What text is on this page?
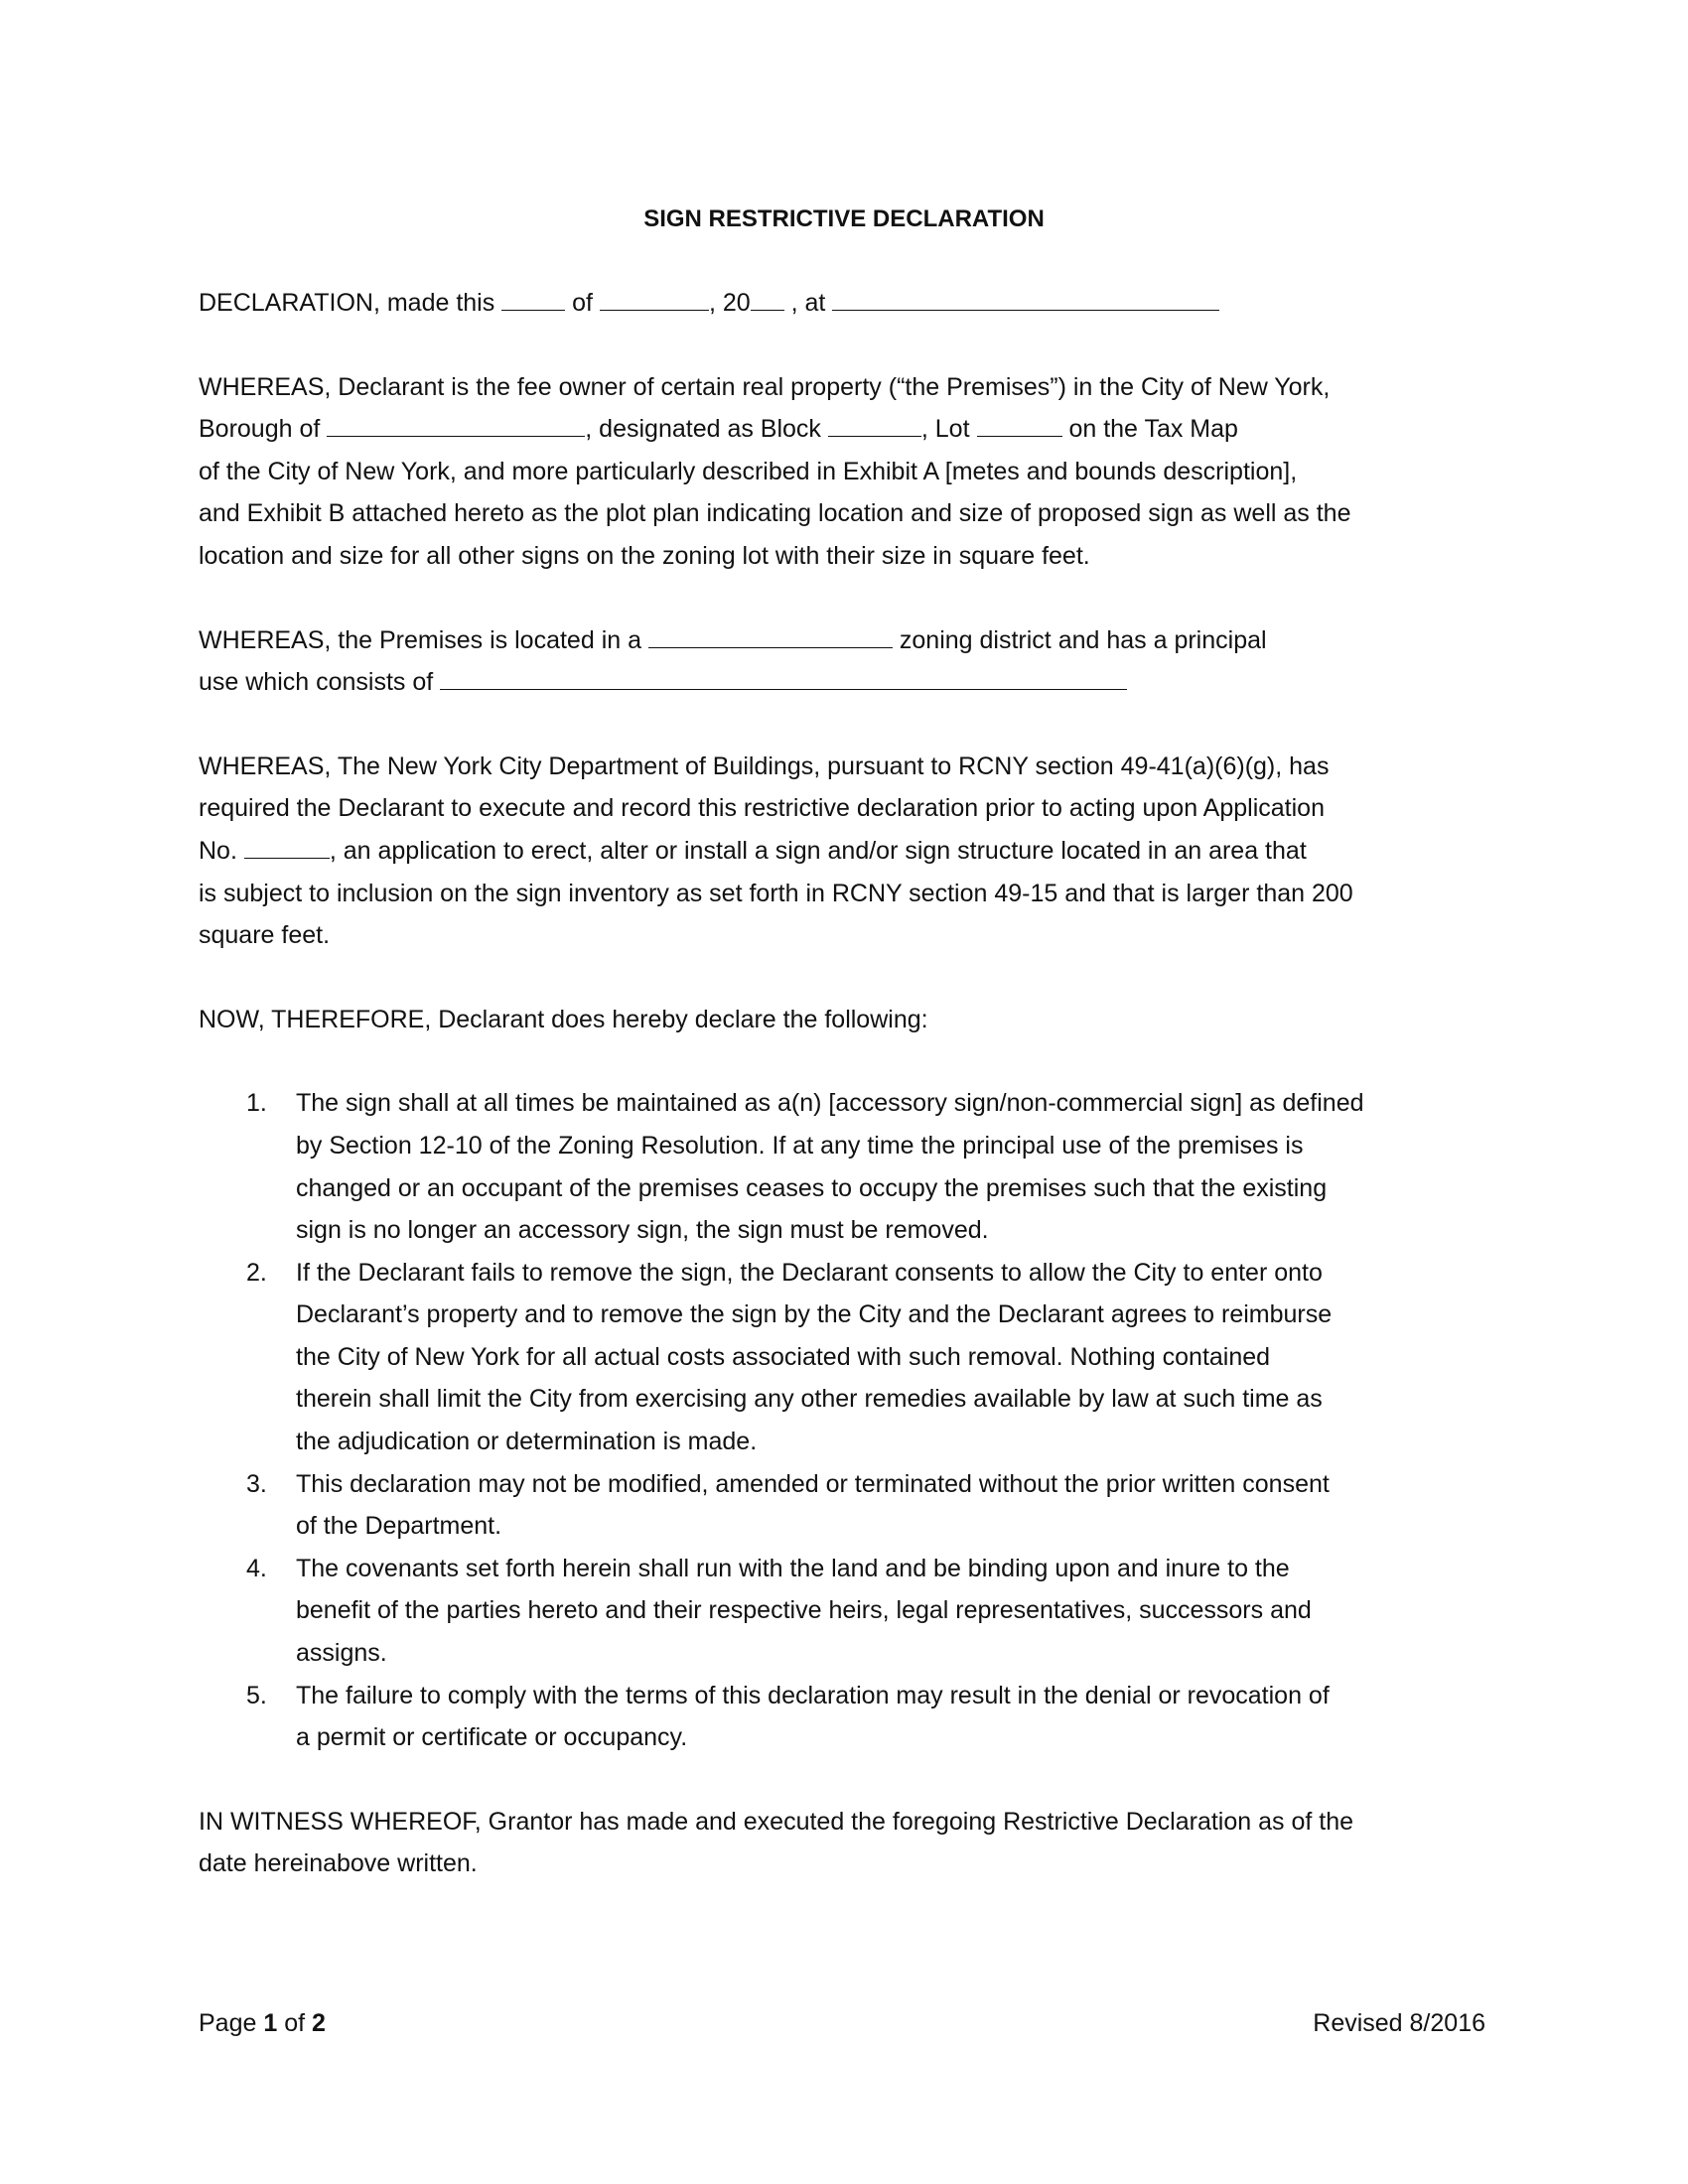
SIGN RESTRICTIVE DECLARATION
DECLARATION, made this	of	, 20 , at
WHEREAS, Declarant is the fee owner of certain real property (“the Premises”) in the City of New York,
Borough of	, designated as Block	, Lot	on the Tax Map
of the City of New York, and more particularly described in Exhibit A [metes and bounds description],
and Exhibit B attached hereto as the plot plan indicating location and size of proposed sign as well as the
location and size for all other signs on the zoning lot with their size in square feet.
WHEREAS, the Premises is located in a	zoning district and has a principal
use which consists of
WHEREAS, The New York City Department of Buildings, pursuant to RCNY section 49-41(a)(6)(g), has
required the Declarant to execute and record this restrictive declaration prior to acting upon Application
No.	, an application to erect, alter or install a sign and/or sign structure located in an area that
is subject to inclusion on the sign inventory as set forth in RCNY section 49-15 and that is larger than 200
square feet.
NOW, THEREFORE, Declarant does hereby declare the following:
1. The sign shall at all times be maintained as a(n) [accessory sign/non-commercial sign] as defined
by Section 12-10 of the Zoning Resolution. If at any time the principal use of the premises is
changed or an occupant of the premises ceases to occupy the premises such that the existing
sign is no longer an accessory sign, the sign must be removed.
2. If the Declarant fails to remove the sign, the Declarant consents to allow the City to enter onto
Declarant’s property and to remove the sign by the City and the Declarant agrees to reimburse
the City of New York for all actual costs associated with such removal. Nothing contained
therein shall limit the City from exercising any other remedies available by law at such time as
the adjudication or determination is made.
3. This declaration may not be modified, amended or terminated without the prior written consent
of the Department.
4. The covenants set forth herein shall run with the land and be binding upon and inure to the
benefit of the parties hereto and their respective heirs, legal representatives, successors and
assigns.
5. The failure to comply with the terms of this declaration may result in the denial or revocation of
a permit or certificate or occupancy.
IN WITNESS WHEREOF, Grantor has made and executed the foregoing Restrictive Declaration as of the
date hereinabove written.
Page 1 of 2	Revised 8/2016
